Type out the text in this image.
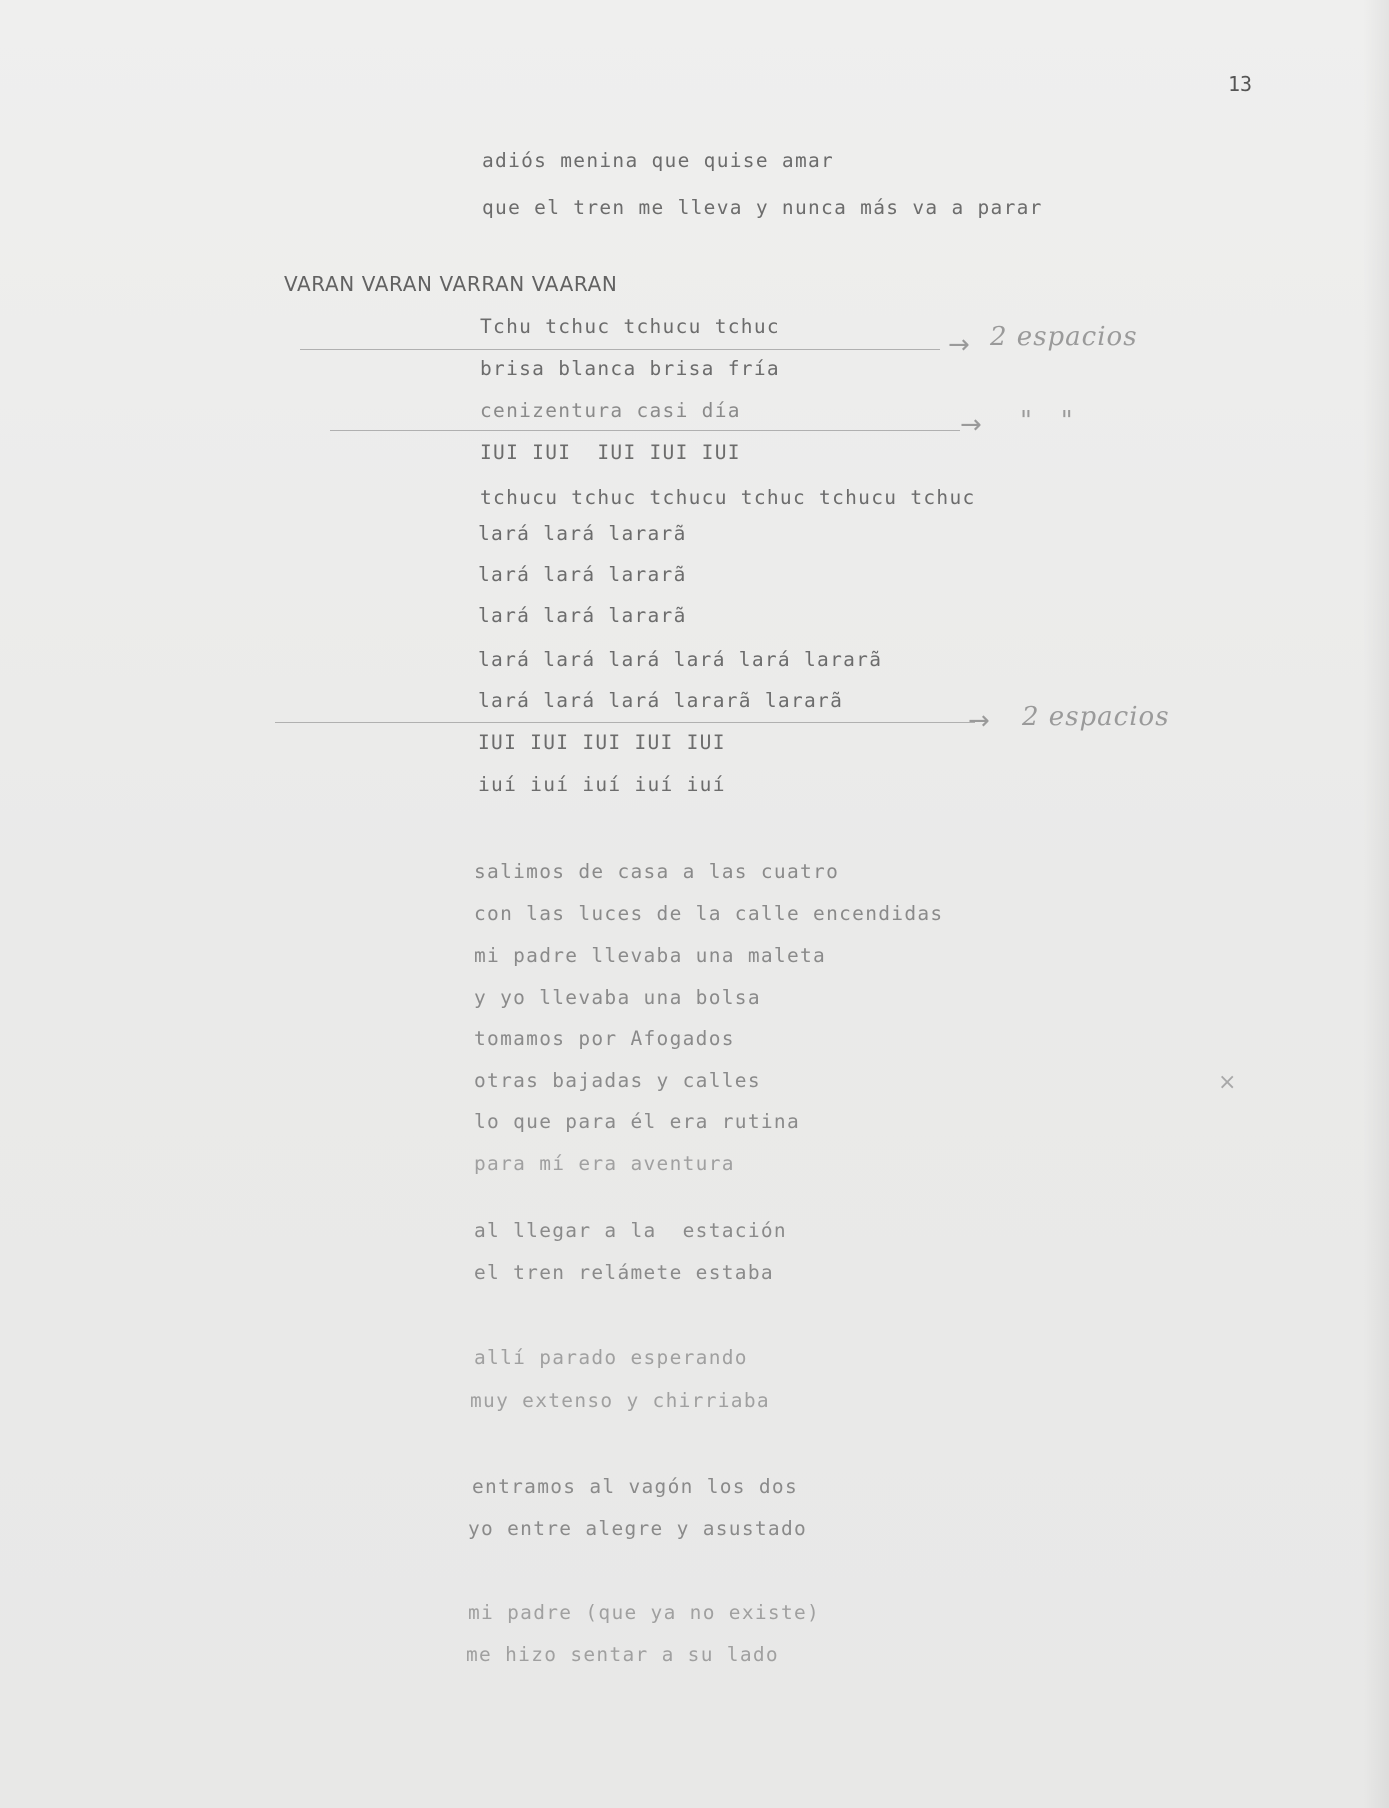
13
adiós menina que quise amar
que el tren me lleva y nunca más va a parar
VARAN VARAN VARRAN VAARAN
Tchu tchuc tchucu tchuc
brisa blanca brisa fría
cenizentura casi día
IUI IUI  IUI IUI IUI
tchucu tchuc tchucu tchuc tchucu tchuc
lará lará lararã
lará lará lararã
lará lará lararã
lará lará lará lará lará lararã
lará lará lará lararã lararã
IUI IUI IUI IUI IUI
iuí iuí iuí iuí iuí
→ 2 espacios
→ "   "
→ 2 espacios
salimos de casa a las cuatro
con las luces de la calle encendidas
mi padre llevaba una maleta
y yo llevaba una bolsa
tomamos por Afogados
otras bajadas y calles
lo que para él era rutina
para mí era aventura
×
al llegar a la  estación
el tren relámete estaba
allí parado esperando
muy extenso y chirriaba
entramos al vagón los dos
yo entre alegre y asustado
mi padre (que ya no existe)
me hizo sentar a su lado
